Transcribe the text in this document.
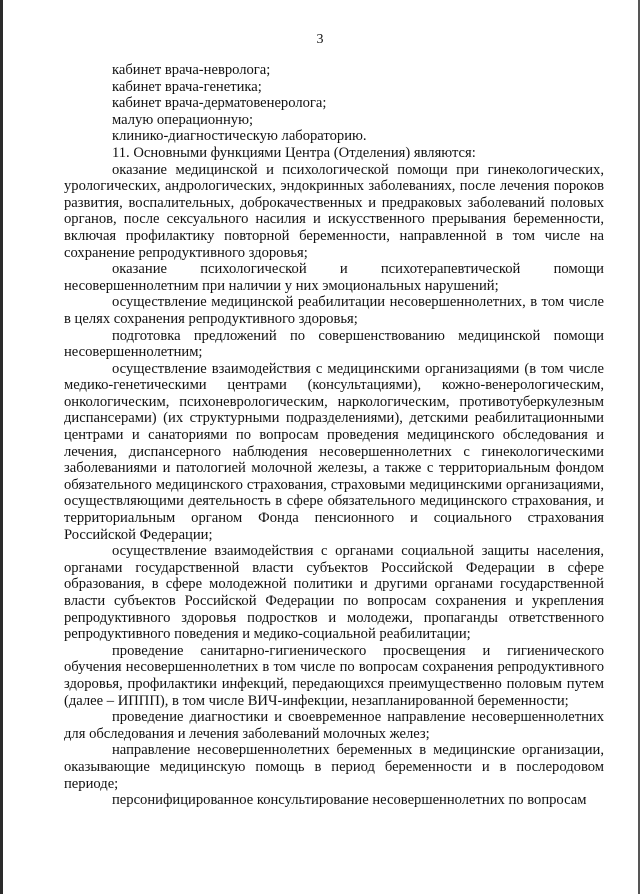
3

кабинет врача-невролога;

кабинет врача-генетика;

кабинет врача-дерматовенеролога;

малую операционную;

клинико-диагностическую лабораторию.

11. Основными функциями Центра (Отделения) являются:

оказание медицинской и психологической помощи при гинекологических, урологических, андрологических, эндокринных заболеваниях, после лечения пороков развития, воспалительных, доброкачественных и предраковых заболеваний половых органов, после сексуального насилия и искусственного прерывания беременности, включая профилактику повторной беременности, направленной в том числе на сохранение репродуктивного здоровья;

оказание психологической и психотерапевтической помощи несовершеннолетним при наличии у них эмоциональных нарушений;

осуществление медицинской реабилитации несовершеннолетних, в том числе в целях сохранения репродуктивного здоровья;

подготовка предложений по совершенствованию медицинской помощи несовершеннолетним;

осуществление взаимодействия с медицинскими организациями (в том числе медико-генетическими центрами (консультациями), кожно-венерологическим, онкологическим, психоневрологическим, наркологическим, противотуберкулезным диспансерами) (их структурными подразделениями), детскими реабилитационными центрами и санаториями по вопросам проведения медицинского обследования и лечения, диспансерного наблюдения несовершеннолетних с гинекологическими заболеваниями и патологией молочной железы, а также с территориальным фондом обязательного медицинского страхования, страховыми медицинскими организациями, осуществляющими деятельность в сфере обязательного медицинского страхования, и территориальным органом Фонда пенсионного и социального страхования Российской Федерации;

осуществление взаимодействия с органами социальной защиты населения, органами государственной власти субъектов Российской Федерации в сфере образования, в сфере молодежной политики и другими органами государственной власти субъектов Российской Федерации по вопросам сохранения и укрепления репродуктивного здоровья подростков и молодежи, пропаганды ответственного репродуктивного поведения и медико-социальной реабилитации;

проведение санитарно-гигиенического просвещения и гигиенического обучения несовершеннолетних в том числе по вопросам сохранения репродуктивного здоровья, профилактики инфекций, передающихся преимущественно половым путем (далее – ИППП), в том числе ВИЧ-инфекции, незапланированной беременности;

проведение диагностики и своевременное направление несовершеннолетних для обследования и лечения заболеваний молочных желез;

направление несовершеннолетних беременных в медицинские организации, оказывающие медицинскую помощь в период беременности и в послеродовом периоде;

персонифицированное консультирование несовершеннолетних по вопросам
